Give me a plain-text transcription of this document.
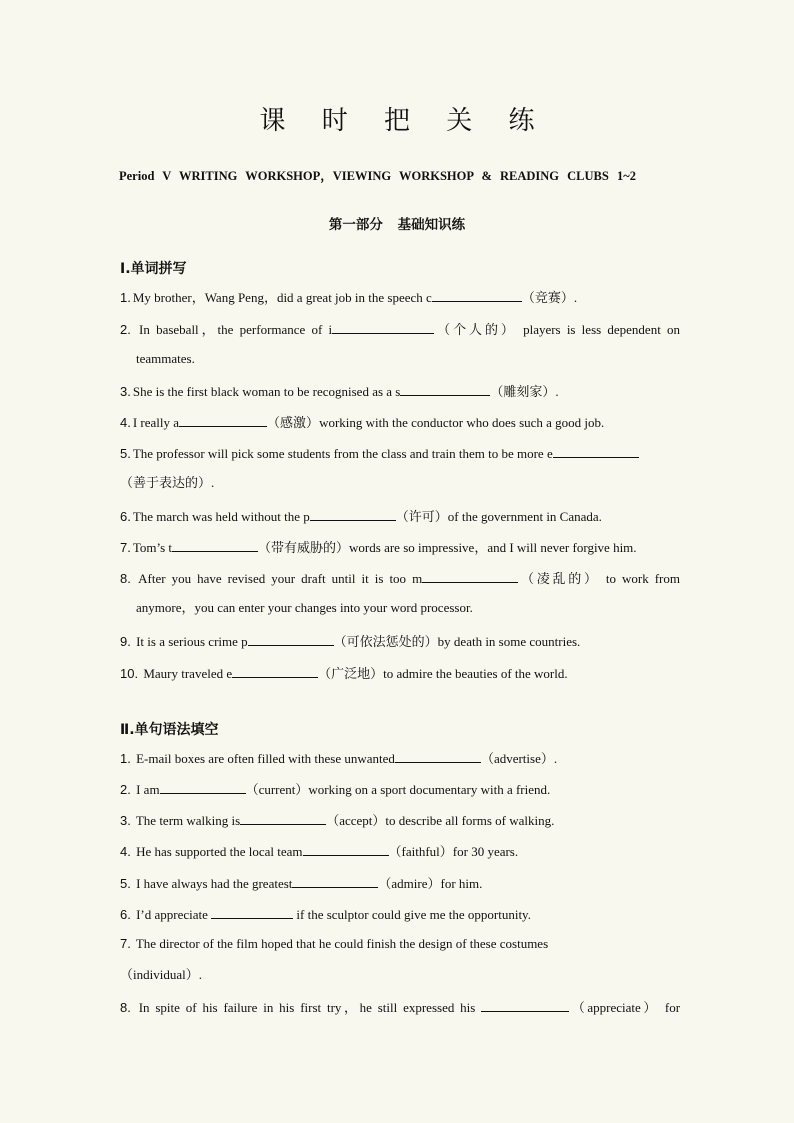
课 时 把 关 练
Period V WRITING WORKSHOP，VIEWING WORKSHOP & READING CLUBS 1~2
第一部分 基础知识练
Ⅰ.单词拼写
1. My brother，Wang Peng，did a great job in the speech c	（竞赛）.
2. In baseball，the performance of i	（个人的） players is less dependent on
teammates.
3. She is the first black woman to be recognised as a s	（雕刻家）.
4. I really a	（感激）working with the conductor who does such a good job.
5. The professor will pick some students from the class and train them to be more e
（善于表达的）.
6. The march was held without the p	（许可）of the government in Canada.
7. Tom’s t	（带有威胁的）words are so impressive，and I will never forgive him.
8. After you have revised your draft until it is too m	（凌乱的） to work from
anymore，you can enter your changes into your word processor.
9. It is a serious crime p	（可依法惩处的）by death in some countries.
10. Maury traveled e	（广泛地）to admire the beauties of the world.
Ⅱ.单句语法填空
1. E-mail boxes are often filled with these unwanted	（advertise）.
2. I am	（current）working on a sport documentary with a friend.
3. The term walking is	（accept）to describe all forms of walking.
4. He has supported the local team	（faithful）for 30 years.
5. I have always had the greatest	（admire）for him.
6. I’d appreciate	if the sculptor could give me the opportunity.
7. The director of the film hoped that he could finish the design of these costumes
（individual）.
8. In spite of his failure in his first try，he still expressed his	（appreciate） for
